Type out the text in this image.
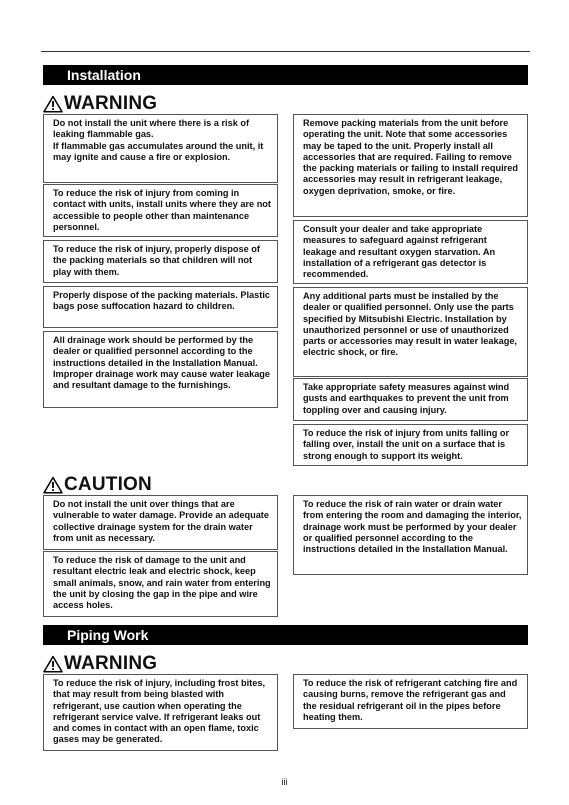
Installation
WARNING

Do not install the unit where there is a risk of leaking flammable gas.

If flammable gas accumulates around the unit, it may ignite and cause a fire or explosion.

To reduce the risk of injury from coming in contact with units, install units where they are not accessible to people other than maintenance personnel.

To reduce the risk of injury, properly dispose of the packing materials so that children will not play with them.

Properly dispose of the packing materials. Plastic bags pose suffocation hazard to children.

All drainage work should be performed by the dealer or qualified personnel according to the instructions detailed in the Installation Manual. Improper drainage work may cause water leakage and resultant damage to the furnishings.

Remove packing materials from the unit before operating the unit. Note that some accessories may be taped to the unit. Properly install all accessories that are required. Failing to remove the packing materials or failing to install required accessories may result in refrigerant leakage, oxygen deprivation, smoke, or fire.

Consult your dealer and take appropriate measures to safeguard against refrigerant leakage and resultant oxygen starvation. An installation of a refrigerant gas detector is recommended.

Any additional parts must be installed by the dealer or qualified personnel. Only use the parts specified by Mitsubishi Electric. Installation by unauthorized personnel or use of unauthorized parts or accessories may result in water leakage, electric shock, or fire.

Take appropriate safety measures against wind gusts and earthquakes to prevent the unit from toppling over and causing injury.

To reduce the risk of injury from units falling or falling over, install the unit on a surface that is strong enough to support its weight.

CAUTION

Do not install the unit over things that are vulnerable to water damage. Provide an adequate collective drainage system for the drain water from unit as necessary.

To reduce the risk of damage to the unit and resultant electric leak and electric shock, keep small animals, snow, and rain water from entering the unit by closing the gap in the pipe and wire access holes.

To reduce the risk of rain water or drain water from entering the room and damaging the interior, drainage work must be performed by your dealer or qualified personnel according to the instructions detailed in the Installation Manual.

Piping Work
WARNING

To reduce the risk of injury, including frost bites, that may result from being blasted with refrigerant, use caution when operating the refrigerant service valve. If refrigerant leaks out and comes in contact with an open flame, toxic gases may be generated.

To reduce the risk of refrigerant catching fire and causing burns, remove the refrigerant gas and the residual refrigerant oil in the pipes before heating them.

iii
